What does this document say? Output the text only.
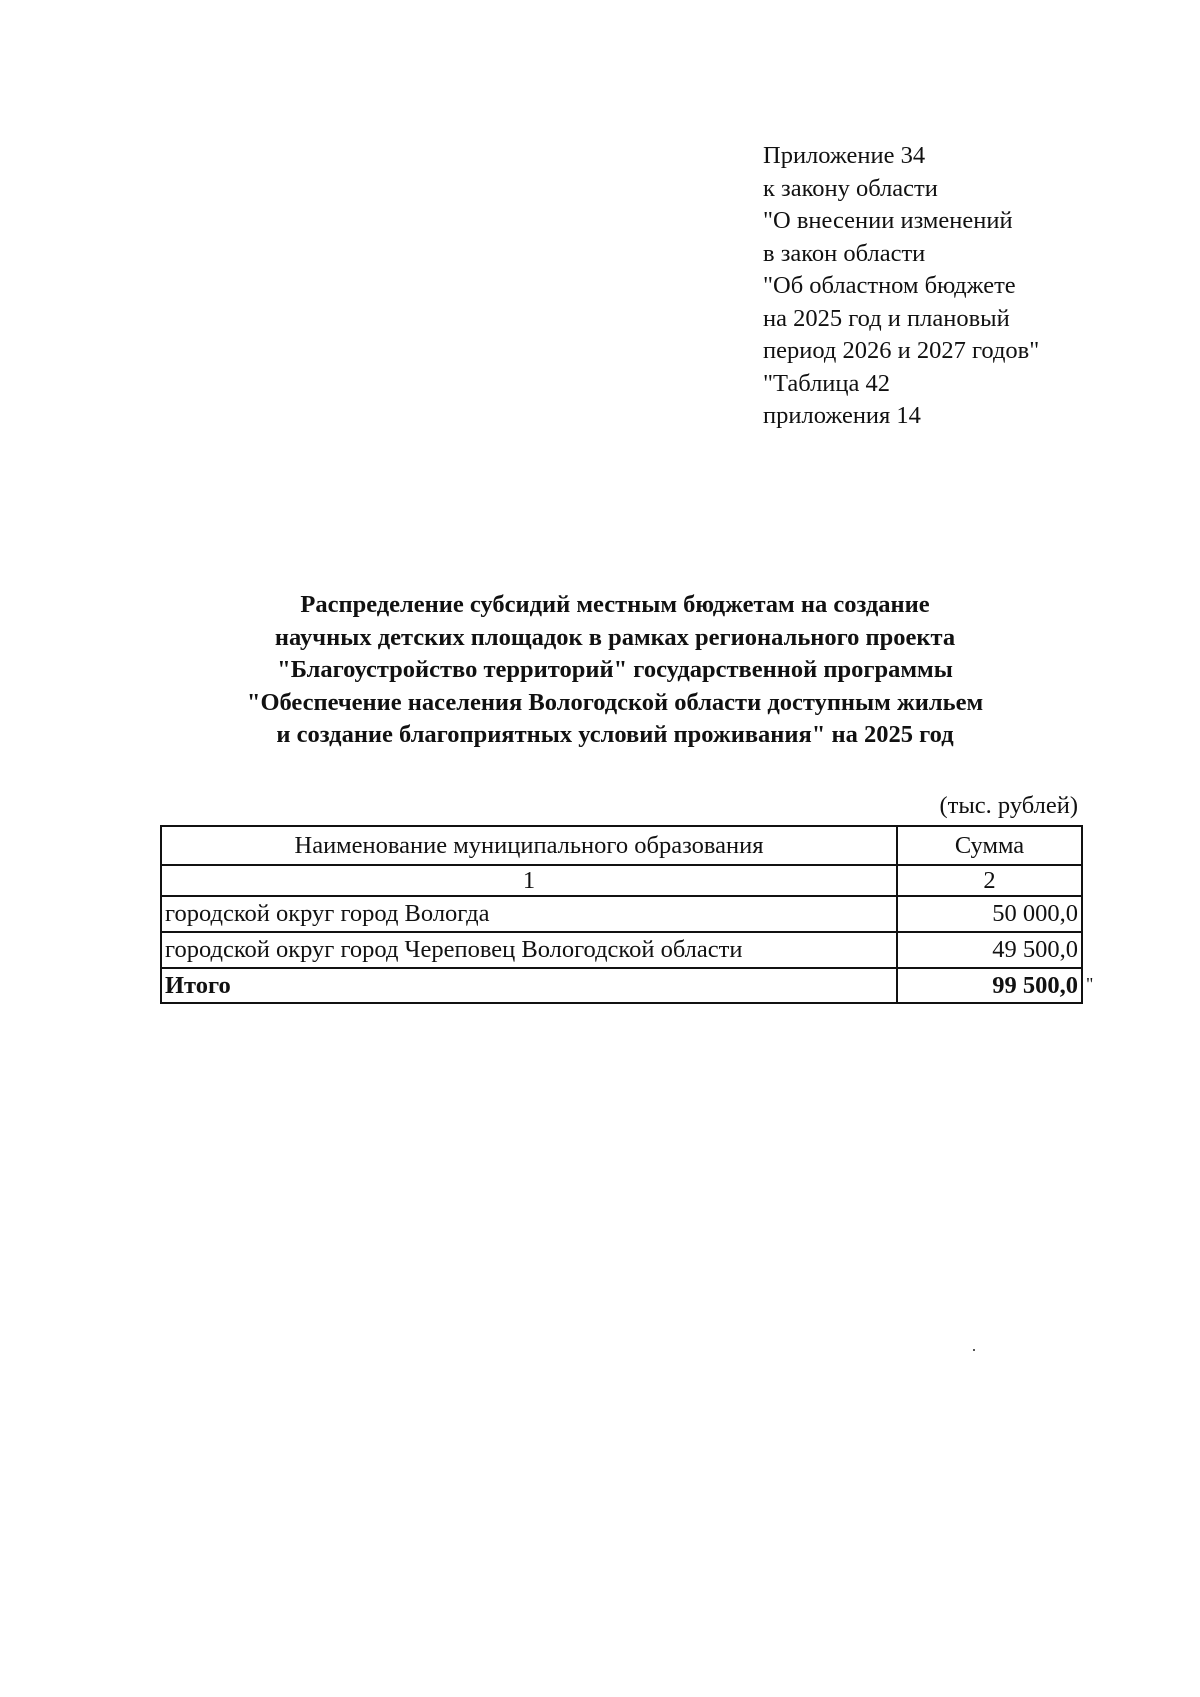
Приложение 34
к закону области
"О внесении изменений
в закон области
"Об областном бюджете
на 2025 год и плановый
период 2026 и 2027 годов"
"Таблица 42
приложения 14
Распределение субсидий местным бюджетам на создание
научных детских площадок в рамках регионального проекта
"Благоустройство территорий" государственной программы
"Обеспечение населения Вологодской области доступным жильем
и создание благоприятных условий проживания" на 2025 год
(тыс. рублей)
Наименование муниципального образования	Сумма
1	2
городской округ город Вологда	50 000,0
городской округ город Череповец Вологодской области	49 500,0
Итого	99 500,0 "
